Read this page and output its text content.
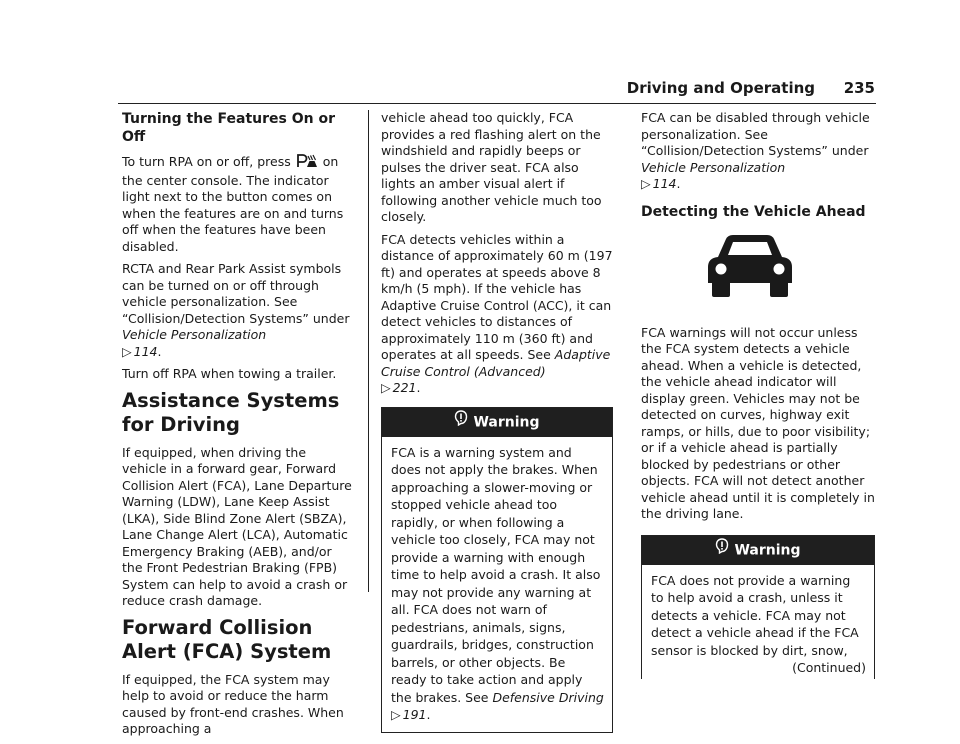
Driving and Operating 235
Turning the Features On or Off

To turn RPA on or off, press	on the center console. The indicator light next to the button comes on when the features are on and turns off when the features have been disabled.

RCTA and Rear Park Assist symbols can be turned on or off through vehicle personalization. See “Collision/Detection Systems” under Vehicle Personalization
▷ 114.

Turn off RPA when towing a trailer.

Assistance Systems for Driving

If equipped, when driving the vehicle in a forward gear, Forward Collision Alert (FCA), Lane Departure Warning (LDW), Lane Keep Assist (LKA), Side Blind Zone Alert (SBZA), Lane Change Alert (LCA), Automatic Emergency Braking (AEB), and/or the Front Pedestrian Braking (FPB) System can help to avoid a crash or reduce crash damage.

Forward Collision Alert (FCA) System

If equipped, the FCA system may help to avoid or reduce the harm caused by front-end crashes. When approaching a

vehicle ahead too quickly, FCA provides a red flashing alert on the windshield and rapidly beeps or pulses the driver seat. FCA also lights an amber visual alert if following another vehicle much too closely.

FCA detects vehicles within a distance of approximately 60 m (197 ft) and operates at speeds above 8 km/h (5 mph). If the vehicle has Adaptive Cruise Control (ACC), it can detect vehicles to distances of approximately 110 m (360 ft) and operates at all speeds. See Adaptive Cruise Control (Advanced)
▷ 221.

Warning

FCA is a warning system and does not apply the brakes. When approaching a slower-moving or stopped vehicle ahead too rapidly, or when following a vehicle too closely, FCA may not provide a warning with enough time to help avoid a crash. It also may not provide any warning at all. FCA does not warn of pedestrians, animals, signs, guardrails, bridges, construction barrels, or other objects. Be ready to take action and apply the brakes. See Defensive Driving
▷ 191.

FCA can be disabled through vehicle personalization. See “Collision/Detection Systems” under Vehicle Personalization
▷ 114.

Detecting the Vehicle Ahead

FCA warnings will not occur unless the FCA system detects a vehicle ahead. When a vehicle is detected, the vehicle ahead indicator will display green. Vehicles may not be detected on curves, highway exit ramps, or hills, due to poor visibility; or if a vehicle ahead is partially blocked by pedestrians or other objects. FCA will not detect another vehicle ahead until it is completely in the driving lane.

Warning

FCA does not provide a warning to help avoid a crash, unless it detects a vehicle. FCA may not detect a vehicle ahead if the FCA sensor is blocked by dirt, snow,

(Continued)
